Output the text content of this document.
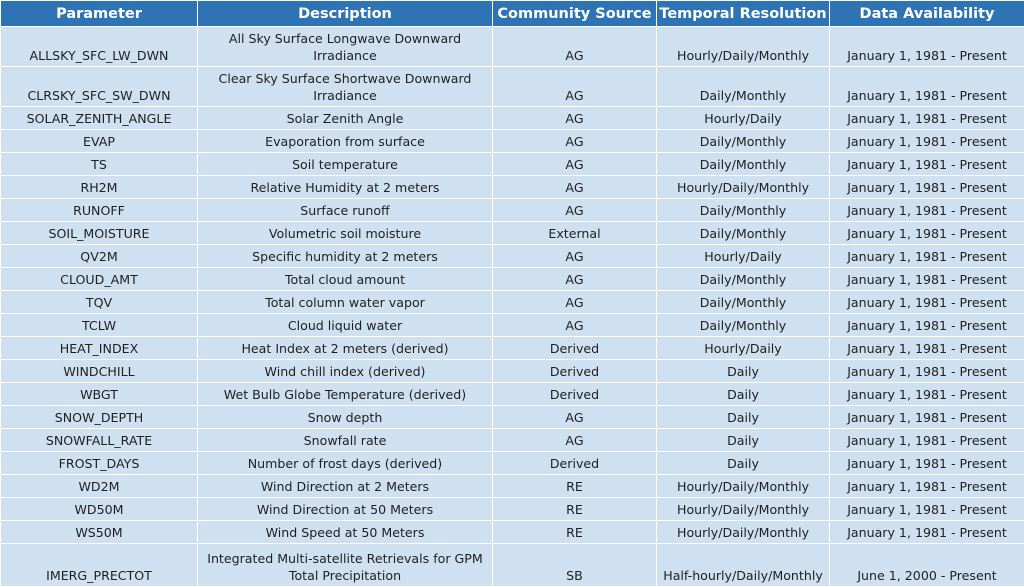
Parameter	Description	Community Source	Temporal Resolution	Data Availability
ALLSKY_SFC_LW_DWN	All Sky Surface Longwave Downward Irradiance	AG	Hourly/Daily/Monthly	January 1, 1981 - Present
CLRSKY_SFC_SW_DWN	Clear Sky Surface Shortwave Downward Irradiance	AG	Daily/Monthly	January 1, 1981 - Present
SOLAR_ZENITH_ANGLE	Solar Zenith Angle	AG	Hourly/Daily	January 1, 1981 - Present
EVAP	Evaporation from surface	AG	Daily/Monthly	January 1, 1981 - Present
TS	Soil temperature	AG	Daily/Monthly	January 1, 1981 - Present
RH2M	Relative Humidity at 2 meters	AG	Hourly/Daily/Monthly	January 1, 1981 - Present
RUNOFF	Surface runoff	AG	Daily/Monthly	January 1, 1981 - Present
SOIL_MOISTURE	Volumetric soil moisture	External	Daily/Monthly	January 1, 1981 - Present
QV2M	Specific humidity at 2 meters	AG	Hourly/Daily	January 1, 1981 - Present
CLOUD_AMT	Total cloud amount	AG	Daily/Monthly	January 1, 1981 - Present
TQV	Total column water vapor	AG	Daily/Monthly	January 1, 1981 - Present
TCLW	Cloud liquid water	AG	Daily/Monthly	January 1, 1981 - Present
HEAT_INDEX	Heat Index at 2 meters (derived)	Derived	Hourly/Daily	January 1, 1981 - Present
WINDCHILL	Wind chill index (derived)	Derived	Daily	January 1, 1981 - Present
WBGT	Wet Bulb Globe Temperature (derived)	Derived	Daily	January 1, 1981 - Present
SNOW_DEPTH	Snow depth	AG	Daily	January 1, 1981 - Present
SNOWFALL_RATE	Snowfall rate	AG	Daily	January 1, 1981 - Present
FROST_DAYS	Number of frost days (derived)	Derived	Daily	January 1, 1981 - Present
WD2M	Wind Direction at 2 Meters	RE	Hourly/Daily/Monthly	January 1, 1981 - Present
WD50M	Wind Direction at 50 Meters	RE	Hourly/Daily/Monthly	January 1, 1981 - Present
WS50M	Wind Speed at 50 Meters	RE	Hourly/Daily/Monthly	January 1, 1981 - Present
IMERG_PRECTOT	Integrated Multi-satellite Retrievals for GPM Total Precipitation	SB	Half-hourly/Daily/Monthly	June 1, 2000 - Present
